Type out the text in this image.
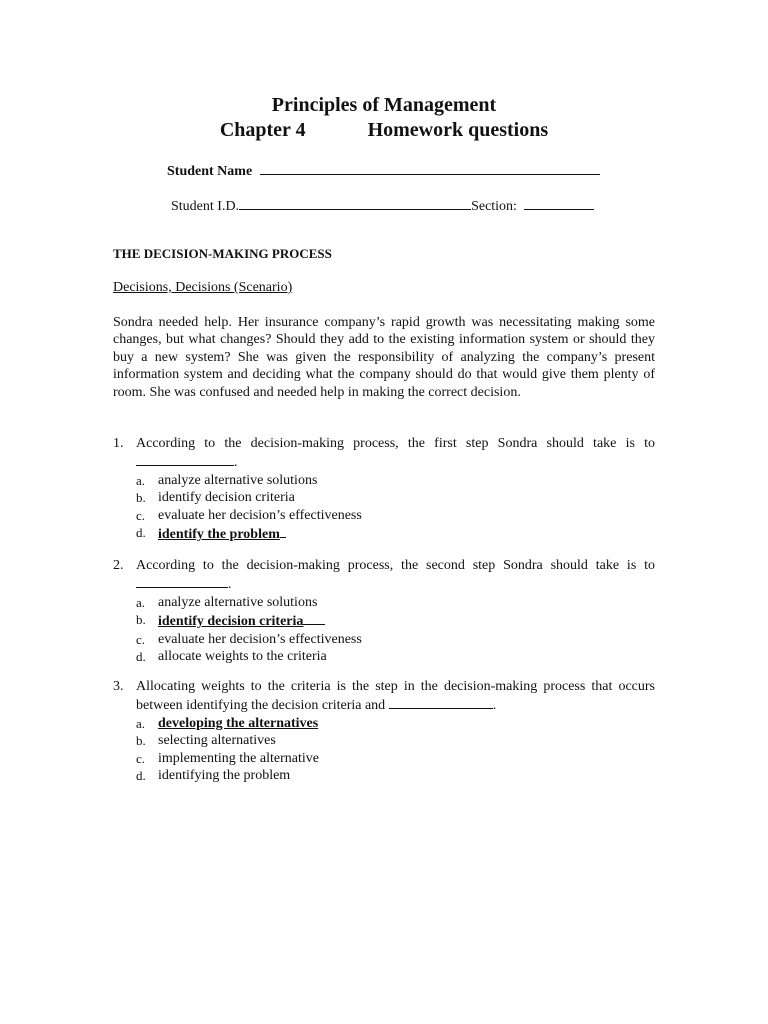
Principles of Management
Chapter 4	Homework questions
Student Name
Student I.D.	Section:
THE DECISION-MAKING PROCESS
Decisions, Decisions (Scenario)
Sondra needed help. Her insurance company’s rapid growth was necessitating making some changes, but what changes? Should they add to the existing information system or should they buy a new system? She was given the responsibility of analyzing the company’s present information system and deciding what the company should do that would give them plenty of room. She was confused and needed help in making the correct decision.
1. According to the decision-making process, the first step Sondra should take is to .
a. analyze alternative solutions
b. identify decision criteria
c. evaluate her decision’s effectiveness
d. identify the problem
2. According to the decision-making process, the second step Sondra should take is to .
a. analyze alternative solutions
b. identify decision criteria
c. evaluate her decision’s effectiveness
d. allocate weights to the criteria
3. Allocating weights to the criteria is the step in the decision-making process that occurs between identifying the decision criteria and	.
a. developing the alternatives
b. selecting alternatives
c. implementing the alternative
d. identifying the problem
